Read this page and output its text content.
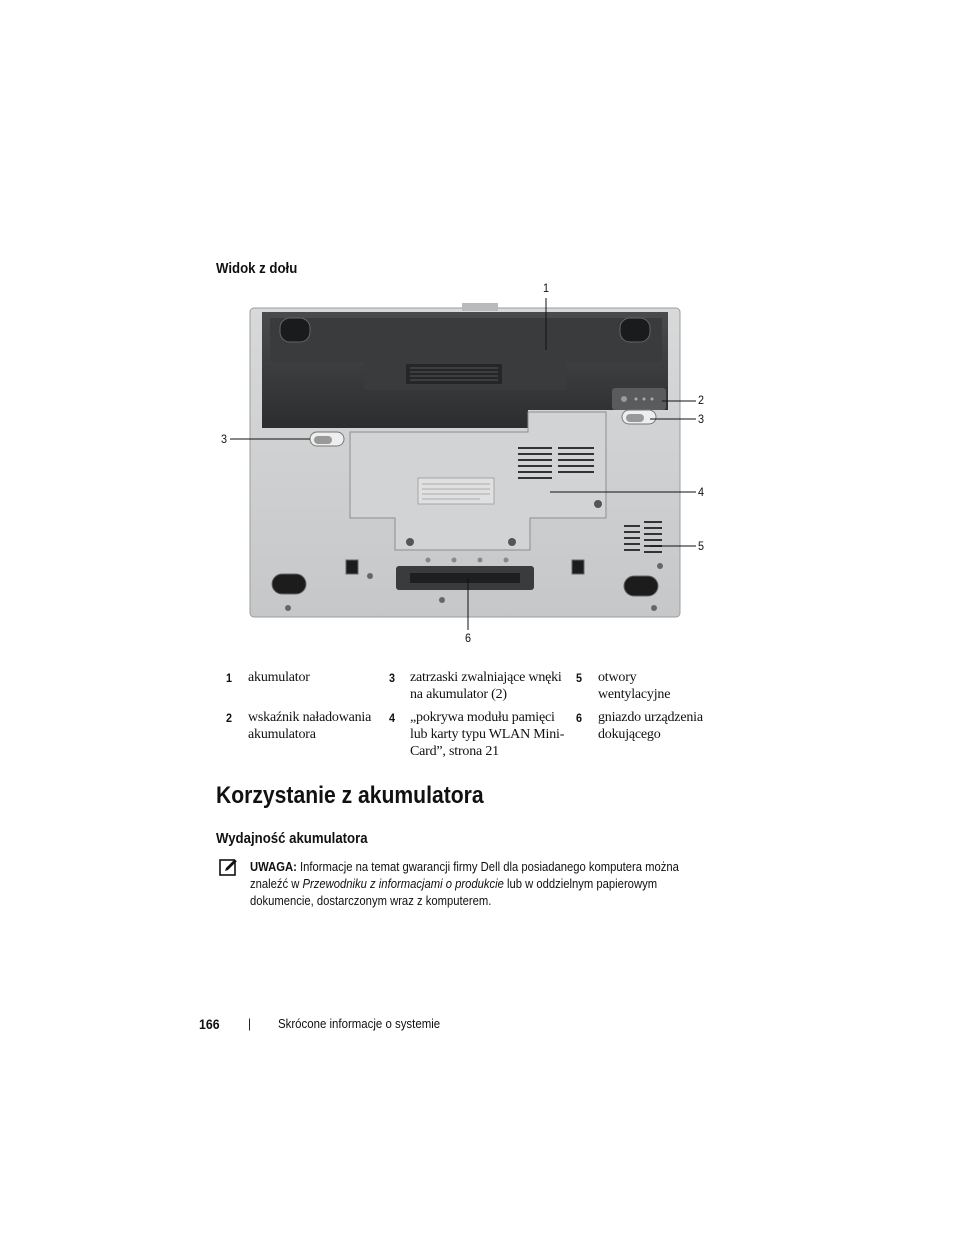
Widok z dołu
1
2
3
3
4
5
6
1 akumulator	3 zatrzaski zwalniające wnęki na akumulator (2)
5 otwory wentylacyjne
2 wskaźnik naładowania akumulatora
4 „pokrywa modułu pamięci lub karty typu WLAN Mini-Card”, strona 21
6 gniazdo urządzenia dokującego
Korzystanie z akumulatora
Wydajność akumulatora
UWAGA: Informacje na temat gwarancji firmy Dell dla posiadanego komputera można
znaleźć w Przewodniku z informacjami o produkcie lub w oddzielnym papierowym
dokumencie, dostarczonym wraz z komputerem.
166 | Skrócone informacje o systemie
